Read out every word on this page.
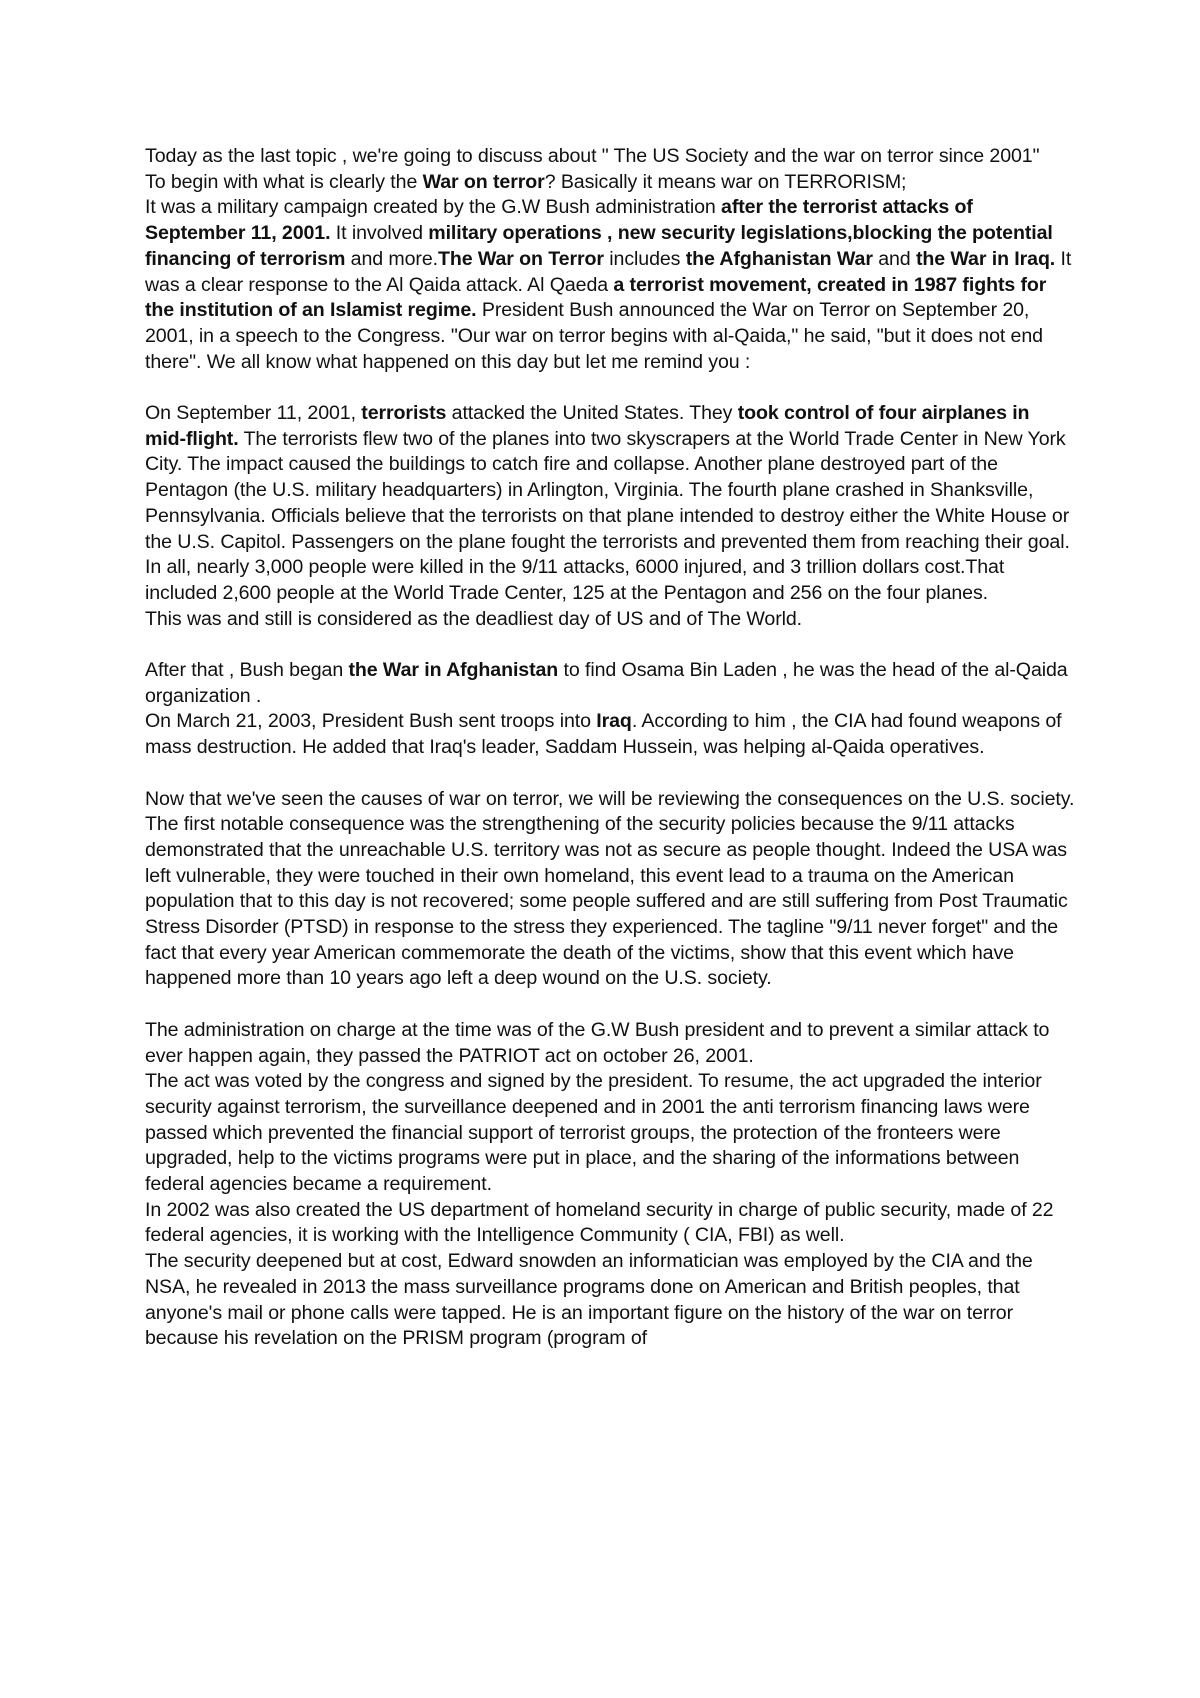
Today as the last topic , we're going to discuss about " The US Society and the war on terror since 2001"

To begin with what is clearly the War on terror? Basically it means war on TERRORISM;

It was a military campaign created by the G.W Bush administration after the terrorist attacks of September 11, 2001. It involved military operations , new security legislations,blocking the potential financing of terrorism and more.The War on Terror includes the Afghanistan War and the War in Iraq. It was a clear response to the Al Qaida attack. Al Qaeda a terrorist movement, created in 1987 fights for the institution of an Islamist regime. President Bush announced the War on Terror on September 20, 2001, in a speech to the Congress. "Our war on terror begins with al-Qaida," he said, "but it does not end there". We all know what happened on this day but let me remind you :

On September 11, 2001, terrorists attacked the United States. They took control of four airplanes in mid-flight. The terrorists flew two of the planes into two skyscrapers at the World Trade Center in New York City. The impact caused the buildings to catch fire and collapse. Another plane destroyed part of the Pentagon (the U.S. military headquarters) in Arlington, Virginia. The fourth plane crashed in Shanksville, Pennsylvania. Officials believe that the terrorists on that plane intended to destroy either the White House or the U.S. Capitol. Passengers on the plane fought the terrorists and prevented them from reaching their goal. In all, nearly 3,000 people were killed in the 9/11 attacks, 6000 injured, and 3 trillion dollars cost.That included 2,600 people at the World Trade Center, 125 at the Pentagon and 256 on the four planes.

This was and still is considered as the deadliest day of US and of The World.

After that , Bush began the War in Afghanistan to find Osama Bin Laden , he was the head of the al-Qaida organization .

On March 21, 2003, President Bush sent troops into Iraq. According to him , the CIA had found weapons of mass destruction. He added that Iraq's leader, Saddam Hussein, was helping al-Qaida operatives.

Now that we've seen the causes of war on terror, we will be reviewing the consequences on the U.S. society. The first notable consequence was the strengthening of the security policies because the 9/11 attacks demonstrated that the unreachable U.S. territory was not as secure as people thought. Indeed the USA was left vulnerable, they were touched in their own homeland, this event lead to a trauma on the American population that to this day is not recovered; some people suffered and are still suffering from Post Traumatic Stress Disorder (PTSD) in response to the stress they experienced. The tagline "9/11 never forget" and the fact that every year American commemorate the death of the victims, show that this event which have happened more than 10 years ago left a deep wound on the U.S. society.

The administration on charge at the time was of the G.W Bush president and to prevent a similar attack to ever happen again, they passed the PATRIOT act on october 26, 2001.

The act was voted by the congress and signed by the president. To resume, the act upgraded the interior security against terrorism, the surveillance deepened and in 2001 the anti terrorism financing laws were passed which prevented the financial support of terrorist groups, the protection of the fronteers were upgraded, help to the victims programs were put in place, and the sharing of the informations between federal agencies became a requirement.

In 2002 was also created the US department of homeland security in charge of public security, made of 22 federal agencies, it is working with the Intelligence Community ( CIA, FBI) as well.

The security deepened but at cost, Edward snowden an informatician was employed by the CIA and the NSA, he revealed in 2013 the mass surveillance programs done on American and British peoples, that anyone's mail or phone calls were tapped. He is an important figure on the history of the war on terror because his revelation on the PRISM program (program of
